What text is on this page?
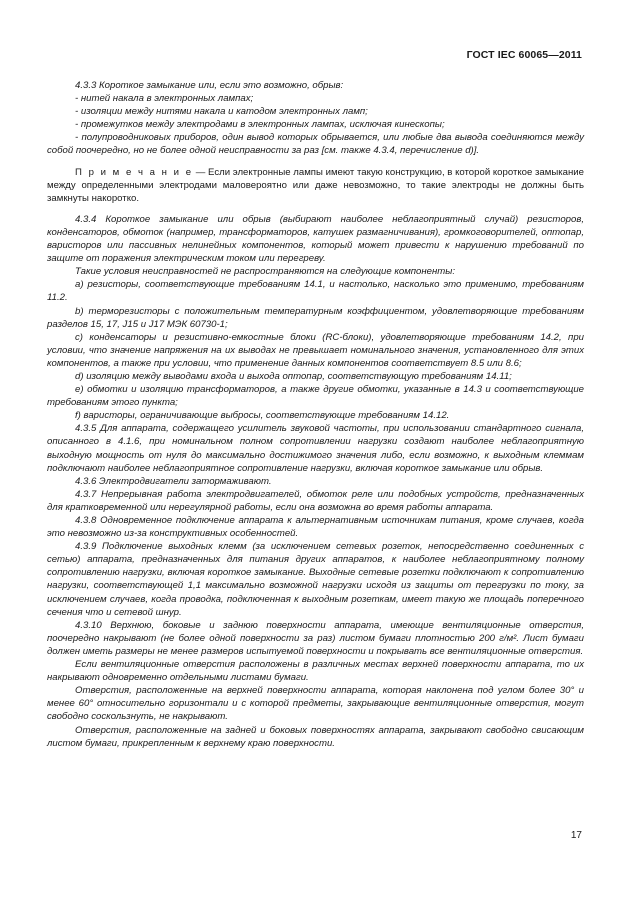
ГОСТ IEC 60065—2011

4.3.3 Короткое замыкание или, если это возможно, обрыв:

- нитей накала в электронных лампах;

- изоляции между нитями накала и катодом электронных ламп;

- промежутков между электродами в электронных лампах, исключая кинескопы;

- полупроводниковых приборов, один вывод которых обрывается, или любые два вывода соединяются между собой поочередно, но не более одной неисправности за раз [см. также 4.3.4, перечисление d)].

П р и м е ч а н и е — Если электронные лампы имеют такую конструкцию, в которой короткое замыкание между определенными электродами маловероятно или даже невозможно, то такие электроды не должны быть замкнуты накоротко.

4.3.4 Короткое замыкание или обрыв (выбирают наиболее неблагоприятный случай) резисторов, конденсаторов, обмоток (например, трансформаторов, катушек размагничивания), громкоговорителей, оптопар, варисторов или пассивных нелинейных компонентов, который может привести к нарушению требований по защите от поражения электрическим током или перегреву.

Такие условия неисправностей не распространяются на следующие компоненты:

a) резисторы, соответствующие требованиям 14.1, и настолько, насколько это применимо, требованиям 11.2.

b) терморезисторы с положительным температурным коэффициентом, удовлетворяющие требованиям разделов 15, 17, J15 и J17 МЭК 60730-1;

c) конденсаторы и резистивно-емкостные блоки (RC-блоки), удовлетворяющие требованиям 14.2, при условии, что значение напряжения на их выводах не превышает номинального значения, установленного для этих компонентов, а также при условии, что применение данных компонентов соответствует 8.5 или 8.6;

d) изоляцию между выводами входа и выхода оптопар, соответствующую требованиям 14.11;

e) обмотки и изоляцию трансформаторов, а также другие обмотки, указанные в 14.3 и соответствующие требованиям этого пункта;

f) варисторы, ограничивающие выбросы, соответствующие требованиям 14.12.

4.3.5 Для аппарата, содержащего усилитель звуковой частоты, при использовании стандартного сигнала, описанного в 4.1.6, при номинальном полном сопротивлении нагрузки создают наиболее неблагоприятную выходную мощность от нуля до максимально достижимого значения либо, если возможно, к выходным клеммам подключают наиболее неблагоприятное сопротивление нагрузки, включая короткое замыкание или обрыв.

4.3.6 Электродвигатели затормаживают.

4.3.7 Непрерывная работа электродвигателей, обмоток реле или подобных устройств, предназначенных для кратковременной или нерегулярной работы, если она возможна во время работы аппарата.

4.3.8 Одновременное подключение аппарата к альтернативным источникам питания, кроме случаев, когда это невозможно из-за конструктивных особенностей.

4.3.9 Подключение выходных клемм (за исключением сетевых розеток, непосредственно соединенных с сетью) аппарата, предназначенных для питания других аппаратов, к наиболее неблагоприятному полному сопротивлению нагрузки, включая короткое замыкание. Выходные сетевые розетки подключают к сопротивлению нагрузки, соответствующей 1,1 максимально возможной нагрузки исходя из защиты от перегрузки по току, за исключением случаев, когда проводка, подключенная к выходным розеткам, имеет такую же площадь поперечного сечения что и сетевой шнур.

4.3.10 Верхнюю, боковые и заднюю поверхности аппарата, имеющие вентиляционные отверстия, поочередно накрывают (не более одной поверхности за раз) листом бумаги плотностью 200 г/м². Лист бумаги должен иметь размеры не менее размеров испытуемой поверхности и покрывать все вентиляционные отверстия.

Если вентиляционные отверстия расположены в различных местах верхней поверхности аппарата, то их накрывают одновременно отдельными листами бумаги.

Отверстия, расположенные на верхней поверхности аппарата, которая наклонена под углом более 30° и менее 60° относительно горизонтали и с которой предметы, закрывающие вентиляционные отверстия, могут свободно соскользнуть, не накрывают.

Отверстия, расположенные на задней и боковых поверхностях аппарата, закрывают свободно свисающим листом бумаги, прикрепленным к верхнему краю поверхности.

17
